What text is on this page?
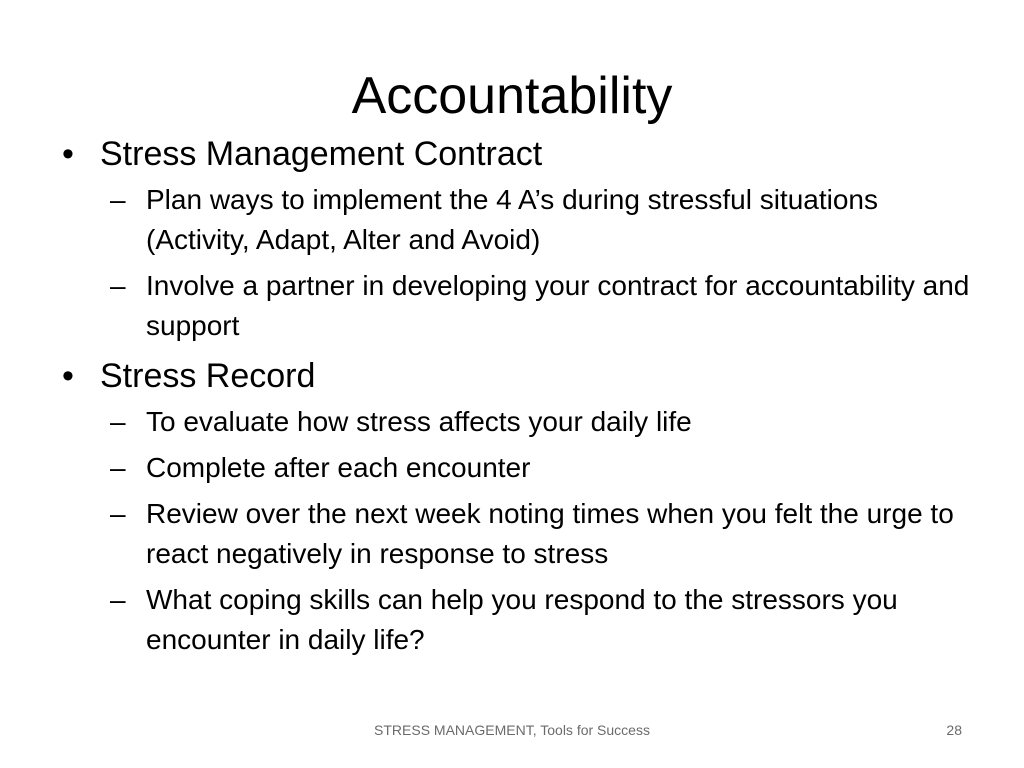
Accountability
• Stress Management Contract
– Plan ways to implement the 4 A’s during stressful situations (Activity, Adapt, Alter and Avoid)
– Involve a partner in developing your contract for accountability and support
• Stress Record
– To evaluate how stress affects your daily life
– Complete after each encounter
– Review over the next week noting times when you felt the urge to react negatively in response to stress
– What coping skills can help you respond to the stressors you encounter in daily life?
STRESS MANAGEMENT, Tools for Success	28
